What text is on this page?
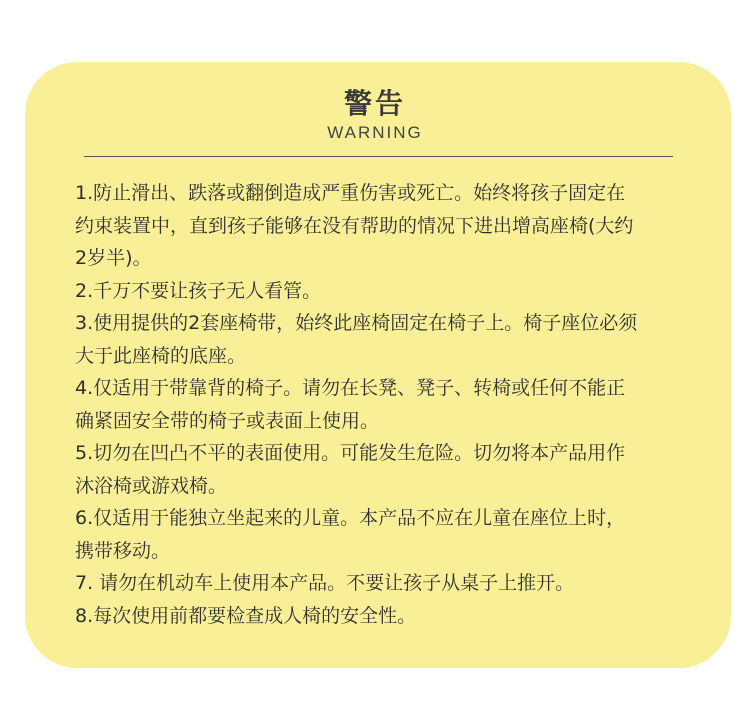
警告
WARNING
1.防止滑出、跌落或翻倒造成严重伤害或死亡。始终将孩子固定在
约束装置中，直到孩子能够在没有帮助的情况下进出增高座椅(大约
2岁半)。
2.千万不要让孩子无人看管。
3.使用提供的2套座椅带，始终此座椅固定在椅子上。椅子座位必须
大于此座椅的底座。
4.仅适用于带靠背的椅子。请勿在长凳、凳子、转椅或任何不能正
确紧固安全带的椅子或表面上使用。
5.切勿在凹凸不平的表面使用。可能发生危险。切勿将本产品用作
沐浴椅或游戏椅。
6.仅适用于能独立坐起来的儿童。本产品不应在儿童在座位上时，
携带移动。
7. 请勿在机动车上使用本产品。不要让孩子从桌子上推开。
8.每次使用前都要检查成人椅的安全性。
